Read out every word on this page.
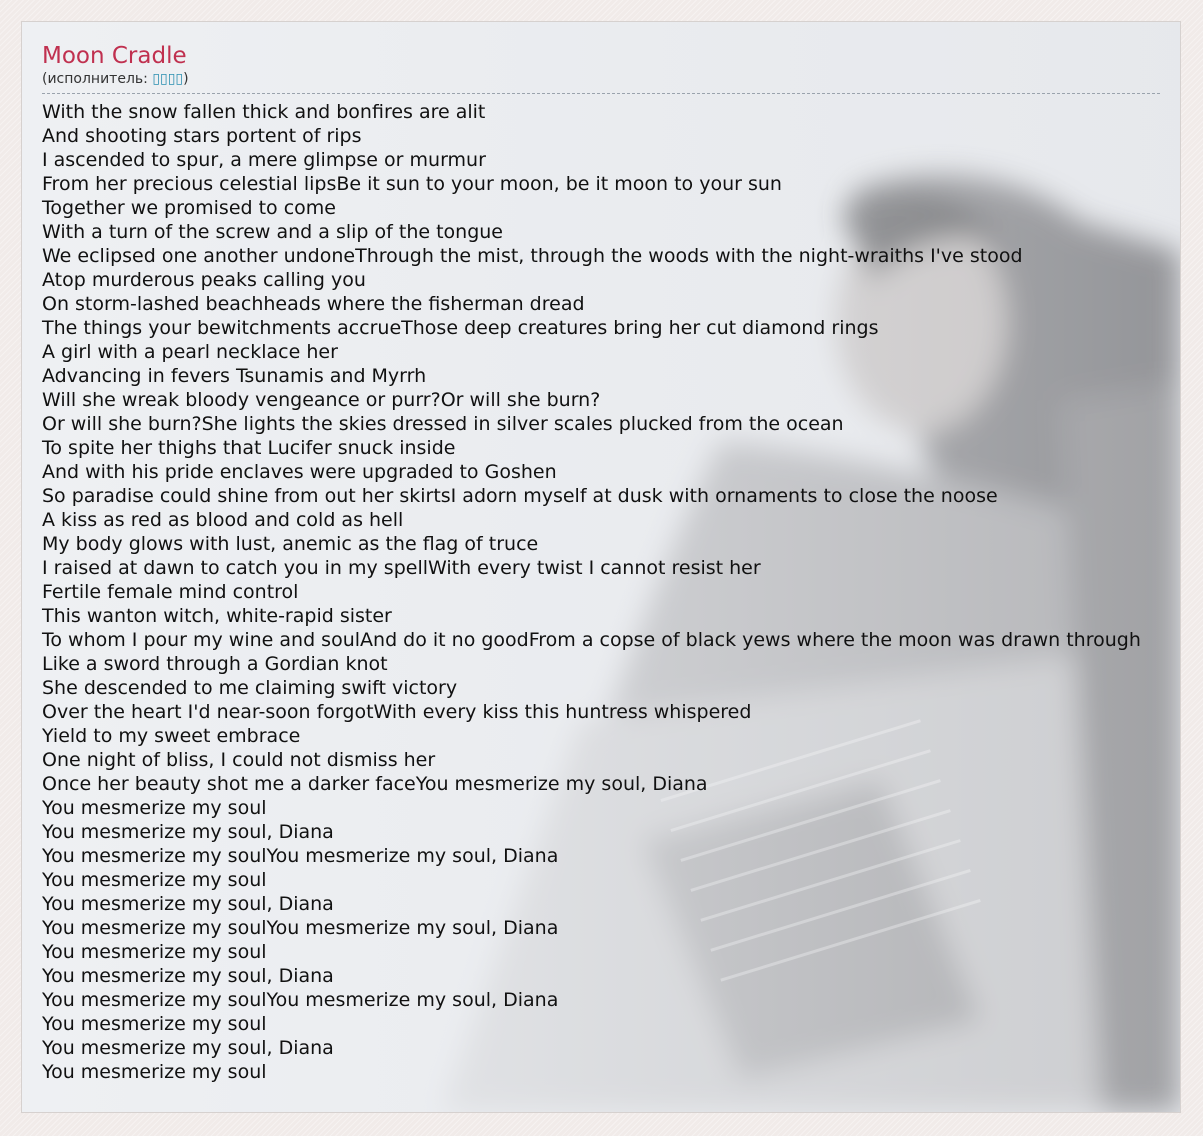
Moon Cradle
(исполнитель: ▯▯▯▯)
With the snow fallen thick and bonfires are alit
And shooting stars portent of rips
I ascended to spur, a mere glimpse or murmur
From her precious celestial lipsBe it sun to your moon, be it moon to your sun
Together we promised to come
With a turn of the screw and a slip of the tongue
We eclipsed one another undoneThrough the mist, through the woods with the night-wraiths I've stood
Atop murderous peaks calling you
On storm-lashed beachheads where the fisherman dread
The things your bewitchments accrueThose deep creatures bring her cut diamond rings
A girl with a pearl necklace her
Advancing in fevers Tsunamis and Myrrh
Will she wreak bloody vengeance or purr?Or will she burn?
Or will she burn?She lights the skies dressed in silver scales plucked from the ocean
To spite her thighs that Lucifer snuck inside
And with his pride enclaves were upgraded to Goshen
So paradise could shine from out her skirtsI adorn myself at dusk with ornaments to close the noose
A kiss as red as blood and cold as hell
My body glows with lust, anemic as the flag of truce
I raised at dawn to catch you in my spellWith every twist I cannot resist her
Fertile female mind control
This wanton witch, white-rapid sister
To whom I pour my wine and soulAnd do it no goodFrom a copse of black yews where the moon was drawn through
Like a sword through a Gordian knot
She descended to me claiming swift victory
Over the heart I'd near-soon forgotWith every kiss this huntress whispered
Yield to my sweet embrace
One night of bliss, I could not dismiss her
Once her beauty shot me a darker faceYou mesmerize my soul, Diana
You mesmerize my soul
You mesmerize my soul, Diana
You mesmerize my soulYou mesmerize my soul, Diana
You mesmerize my soul
You mesmerize my soul, Diana
You mesmerize my soulYou mesmerize my soul, Diana
You mesmerize my soul
You mesmerize my soul, Diana
You mesmerize my soulYou mesmerize my soul, Diana
You mesmerize my soul
You mesmerize my soul, Diana
You mesmerize my soul
